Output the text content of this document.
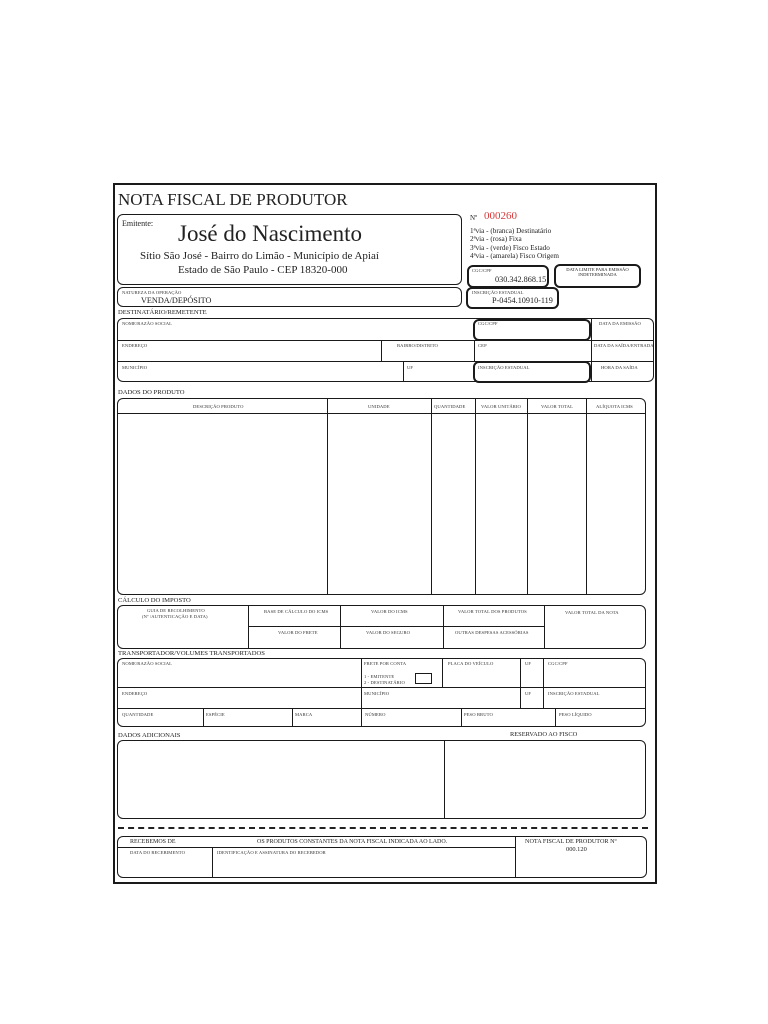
NOTA FISCAL DE PRODUTOR
Emitente: José do Nascimento
Sítio São José - Bairro do Limão - Município de Apiaí
Estado de São Paulo - CEP 18320-000
Nº 000260
1ªvia - (branca) Destinatário
2ªvia - (rosa) Fixa
3ªvia - (verde) Fisco Estado
4ªvia - (amarela) Fisco Origem
CGC/CPF
030.342.868.15
DATA LIMITE PARA EMISSÃO INDETERMINADA
NATUREZA DA OPERAÇÃO
VENDA/DEPÓSITO
INSCRIÇÃO ESTADUAL
P-0454.10910-119
DESTINATÁRIO/REMETENTE
NOME/RAZÃO SOCIAL	CGC/CPF	DATA DA EMISSÃO
ENDEREÇO	BAIRRO/DISTRITO	CEP	DATA DA SAÍDA/ENTRADA
MUNICÍPIO	UF	INSCRIÇÃO ESTADUAL	HORA DA SAÍDA
DADOS DO PRODUTO
DESCRIÇÃO PRODUTO	UNIDADE	QUANTIDADE	VALOR UNITÁRIO	VALOR TOTAL	ALÍQUOTA ICMS
CÁLCULO DO IMPOSTO
GUIA DE RECOLHIMENTO
(Nº /AUTENTICAÇÃO E DATA)
BASE DE CÁLCULO DO ICMS	VALOR DO ICMS	VALOR TOTAL DOS PRODUTOS	VALOR TOTAL DA NOTA
VALOR DO FRETE	VALOR DO SEGURO	OUTRAS DESPESAS ACESSÓRIAS
TRANSPORTADOR/VOLUMES TRANSPORTADOS
NOME/RAZÃO SOCIAL	FRETE POR CONTA
1 - EMITENTE
2 - DESTINATÁRIO
PLACA DO VEÍCULO	UF	CGC/CPF
ENDEREÇO	MUNICÍPIO	UF	INSCRIÇÃO ESTADUAL
QUANTIDADE	ESPÉCIE	MARCA	NÚMERO	PESO BRUTO	PESO LÍQUIDO
DADOS ADICIONAIS	RESERVADO AO FISCO
RECEBEMOS DE	OS PRODUTOS CONSTANTES DA NOTA FISCAL INDICADA AO LADO.
DATA DO RECEBIMENTO	IDENTIFICAÇÃO E ASSINATURA DO RECEBEDOR
NOTA FISCAL DE PRODUTOR Nº
000.120
